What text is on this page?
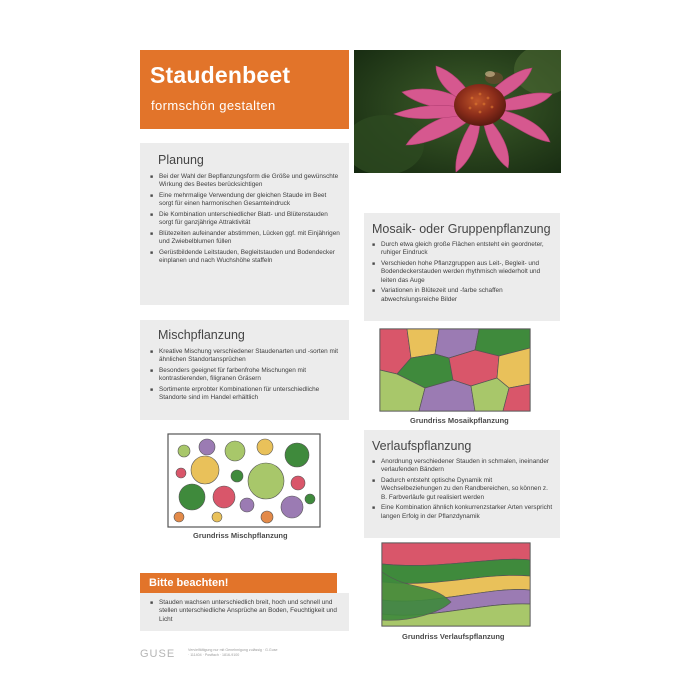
Staudenbeet
formschön gestalten
Planung
■ Bei der Wahl der Bepflanzungsform die Größe und gewünschte Wirkung des Beetes berücksichtigen
■ Eine mehrmalige Verwendung der gleichen Staude im Beet sorgt für einen harmonischen Gesamteindruck
■ Die Kombination unterschiedlicher Blatt- und Blütenstauden sorgt für ganzjährige Attraktivität
■ Blütezeiten aufeinander abstimmen, Lücken ggf. mit Einjährigen und Zwiebelblumen füllen
■ Gerüstbildende Leitstauden, Begleitstauden und Bodendecker einplanen und nach Wuchshöhe staffeln
Mischpflanzung
■ Kreative Mischung verschiedener Staudenarten und -sorten mit ähnlichen Standortansprüchen
■ Besonders geeignet für farbenfrohe Mischungen mit kontrastierenden, filigranen Gräsern
■ Sortimente erprobter Kombinationen für unterschiedliche Standorte sind im Handel erhältlich
Grundriss Mischpflanzung
Bitte beachten!
■ Stauden wachsen unterschiedlich breit, hoch und schnell und stellen unterschiedliche Ansprüche an Boden, Feuchtigkeit und Licht
Mosaik- oder Gruppenpflanzung
■ Durch etwa gleich große Flächen entsteht ein geordneter, ruhiger Eindruck
■ Verschieden hohe Pflanzgruppen aus Leit-, Begleit- und Bodendeckerstauden werden rhythmisch wiederholt und leiten das Auge
■ Variationen in Blütezeit und -farbe schaffen abwechslungsreiche Bilder
Grundriss Mosaikpflanzung
Verlaufspflanzung
■ Anordnung verschiedener Stauden in schmalen, ineinander verlaufenden Bändern
■ Dadurch entsteht optische Dynamik mit Wechselbeziehungen zu den Randbereichen, so können z. B. Farbverläufe gut realisiert werden
■ Eine Kombination ähnlich konkurrenzstarker Arten verspricht langen Erfolg in der Pflanzdynamik
Grundriss Verlaufspflanzung
GUSE	Vervielfältigung nur mit Genehmigung zulässig · G.Guse · 111404 · Postfach · 1816-9100
